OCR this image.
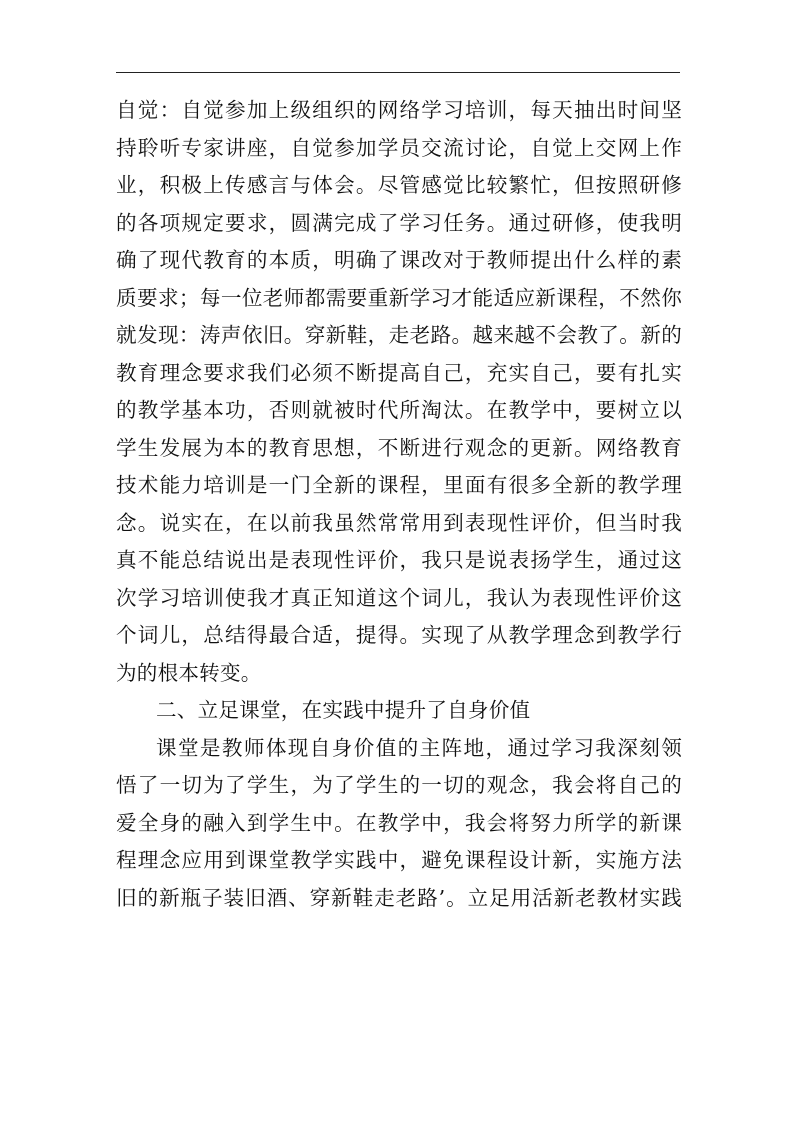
自觉：自觉参加上级组织的网络学习培训，每天抽出时间坚
持聆听专家讲座，自觉参加学员交流讨论，自觉上交网上作
业，积极上传感言与体会。尽管感觉比较繁忙，但按照研修
的各项规定要求，圆满完成了学习任务。通过研修，使我明
确了现代教育的本质，明确了课改对于教师提出什么样的素
质要求；每一位老师都需要重新学习才能适应新课程，不然你
就发现：涛声依旧。穿新鞋，走老路。越来越不会教了。新的
教育理念要求我们必须不断提高自己，充实自己，要有扎实
的教学基本功，否则就被时代所淘汰。在教学中，要树立以
学生发展为本的教育思想，不断进行观念的更新。网络教育
技术能力培训是一门全新的课程，里面有很多全新的教学理
念。说实在，在以前我虽然常常用到表现性评价，但当时我
真不能总结说出是表现性评价，我只是说表扬学生，通过这
次学习培训使我才真正知道这个词儿，我认为表现性评价这
个词儿，总结得最合适，提得。实现了从教学理念到教学行
为的根本转变。
二、立足课堂，在实践中提升了自身价值
课堂是教师体现自身价值的主阵地，通过学习我深刻领
悟了一切为了学生，为了学生的一切的观念，我会将自己的
爱全身的融入到学生中。在教学中，我会将努力所学的新课
程理念应用到课堂教学实践中，避免课程设计新，实施方法
旧的新瓶子装旧酒、穿新鞋走老路’。立足用活新老教材实践
